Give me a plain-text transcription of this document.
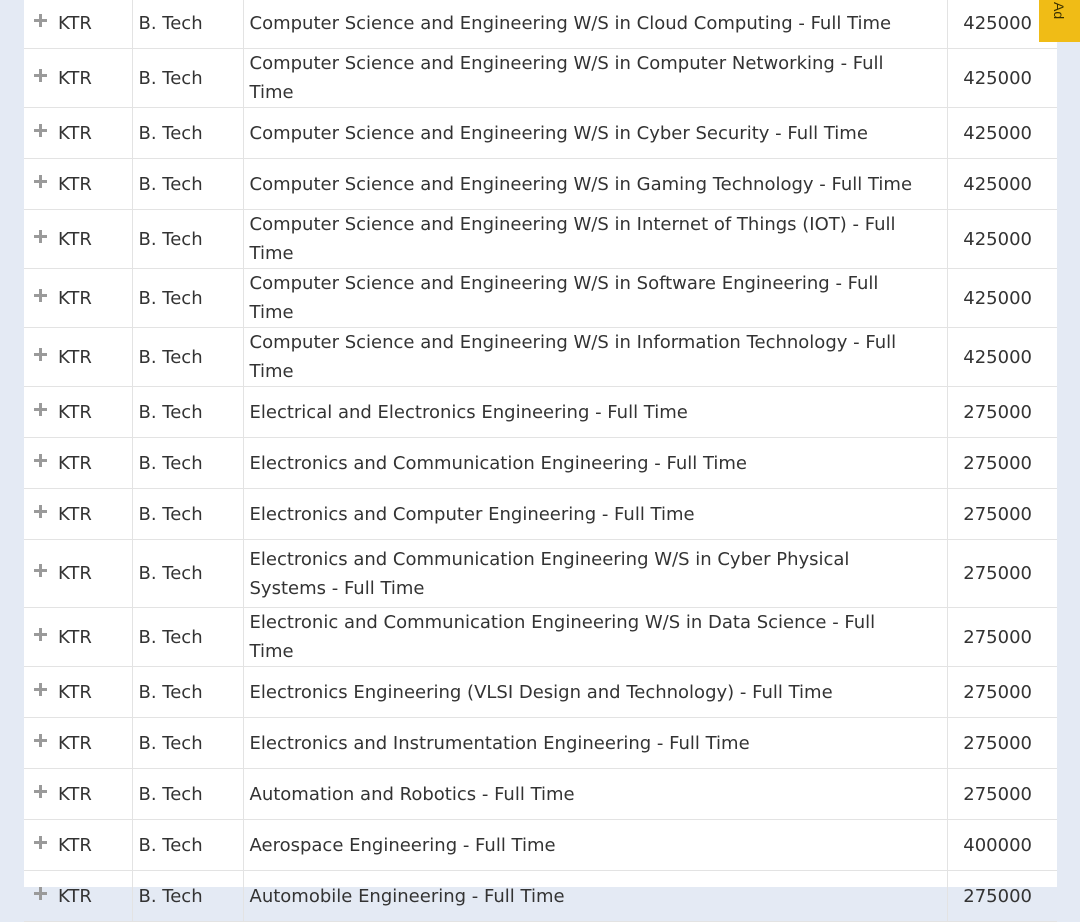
KTR	B. Tech	Computer Science and Engineering W/S in Cloud Computing - Full Time	425000
KTR	B. Tech	Computer Science and Engineering W/S in Computer Networking - Full Time	425000
KTR	B. Tech	Computer Science and Engineering W/S in Cyber Security - Full Time	425000
KTR	B. Tech	Computer Science and Engineering W/S in Gaming Technology - Full Time	425000
KTR	B. Tech	Computer Science and Engineering W/S in Internet of Things (IOT) - Full Time	425000
KTR	B. Tech	Computer Science and Engineering W/S in Software Engineering - Full Time	425000
KTR	B. Tech	Computer Science and Engineering W/S in Information Technology - Full Time	425000
KTR	B. Tech	Electrical and Electronics Engineering - Full Time	275000
KTR	B. Tech	Electronics and Communication Engineering - Full Time	275000
KTR	B. Tech	Electronics and Computer Engineering - Full Time	275000
KTR	B. Tech	Electronics and Communication Engineering W/S in Cyber Physical Systems - Full Time	275000
KTR	B. Tech	Electronic and Communication Engineering W/S in Data Science - Full Time	275000
KTR	B. Tech	Electronics Engineering (VLSI Design and Technology) - Full Time	275000
KTR	B. Tech	Electronics and Instrumentation Engineering - Full Time	275000
KTR	B. Tech	Automation and Robotics - Full Time	275000
KTR	B. Tech	Aerospace Engineering - Full Time	400000
KTR	B. Tech	Automobile Engineering - Full Time	275000
Ad
